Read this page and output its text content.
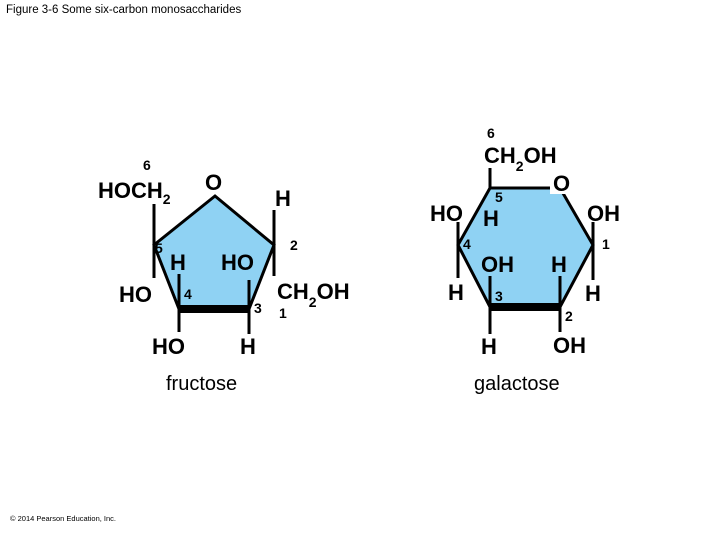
Figure 3-6 Some six-carbon monosaccharides
O
$HOCH_2$	H
H HO
HO	$CH_2OH$
HO	H
6
5	2
4
3 1
O
$CH_2OH$
HO H	OH
OH H
H	H
H	OH
6
5
4	1
3
2
fructose	galactose
© 2014 Pearson Education, Inc.
